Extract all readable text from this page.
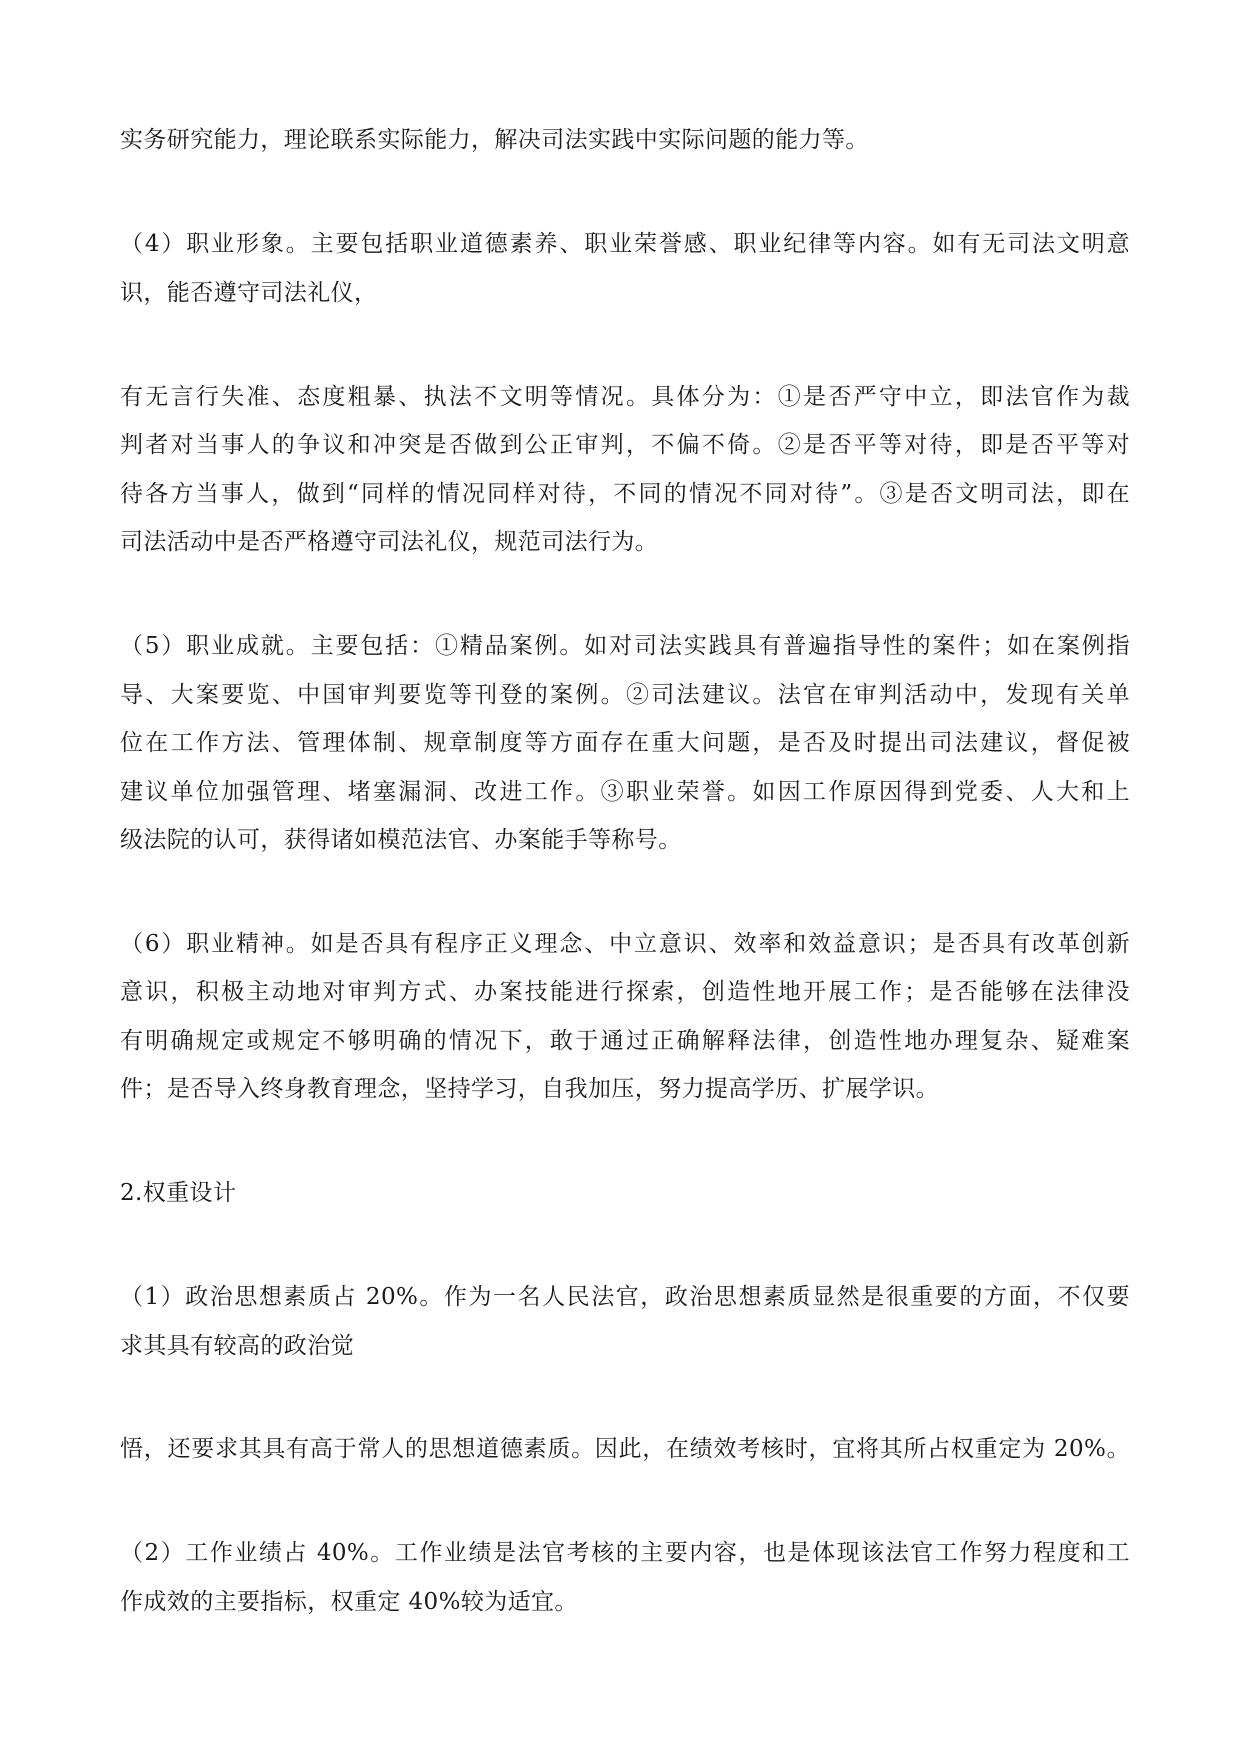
实务研究能力，理论联系实际能力，解决司法实践中实际问题的能力等。
（4）职业形象。主要包括职业道德素养、职业荣誉感、职业纪律等内容。如有无司法文明意
识，能否遵守司法礼仪，
有无言行失准、态度粗暴、执法不文明等情况。具体分为：①是否严守中立，即法官作为裁
判者对当事人的争议和冲突是否做到公正审判，不偏不倚。②是否平等对待，即是否平等对
待各方当事人，做到“同样的情况同样对待，不同的情况不同对待”。③是否文明司法，即在
司法活动中是否严格遵守司法礼仪，规范司法行为。
（5）职业成就。主要包括：①精品案例。如对司法实践具有普遍指导性的案件；如在案例指
导、大案要览、中国审判要览等刊登的案例。②司法建议。法官在审判活动中，发现有关单
位在工作方法、管理体制、规章制度等方面存在重大问题，是否及时提出司法建议，督促被
建议单位加强管理、堵塞漏洞、改进工作。③职业荣誉。如因工作原因得到党委、人大和上
级法院的认可，获得诸如模范法官、办案能手等称号。
（6）职业精神。如是否具有程序正义理念、中立意识、效率和效益意识；是否具有改革创新
意识，积极主动地对审判方式、办案技能进行探索，创造性地开展工作；是否能够在法律没
有明确规定或规定不够明确的情况下，敢于通过正确解释法律，创造性地办理复杂、疑难案
件；是否导入终身教育理念，坚持学习，自我加压，努力提高学历、扩展学识。
2.权重设计
（1）政治思想素质占 20%。作为一名人民法官，政治思想素质显然是很重要的方面，不仅要
求其具有较高的政治觉
悟，还要求其具有高于常人的思想道德素质。因此，在绩效考核时，宜将其所占权重定为 20%。
（2）工作业绩占 40%。工作业绩是法官考核的主要内容，也是体现该法官工作努力程度和工
作成效的主要指标，权重定 40%较为适宜。
